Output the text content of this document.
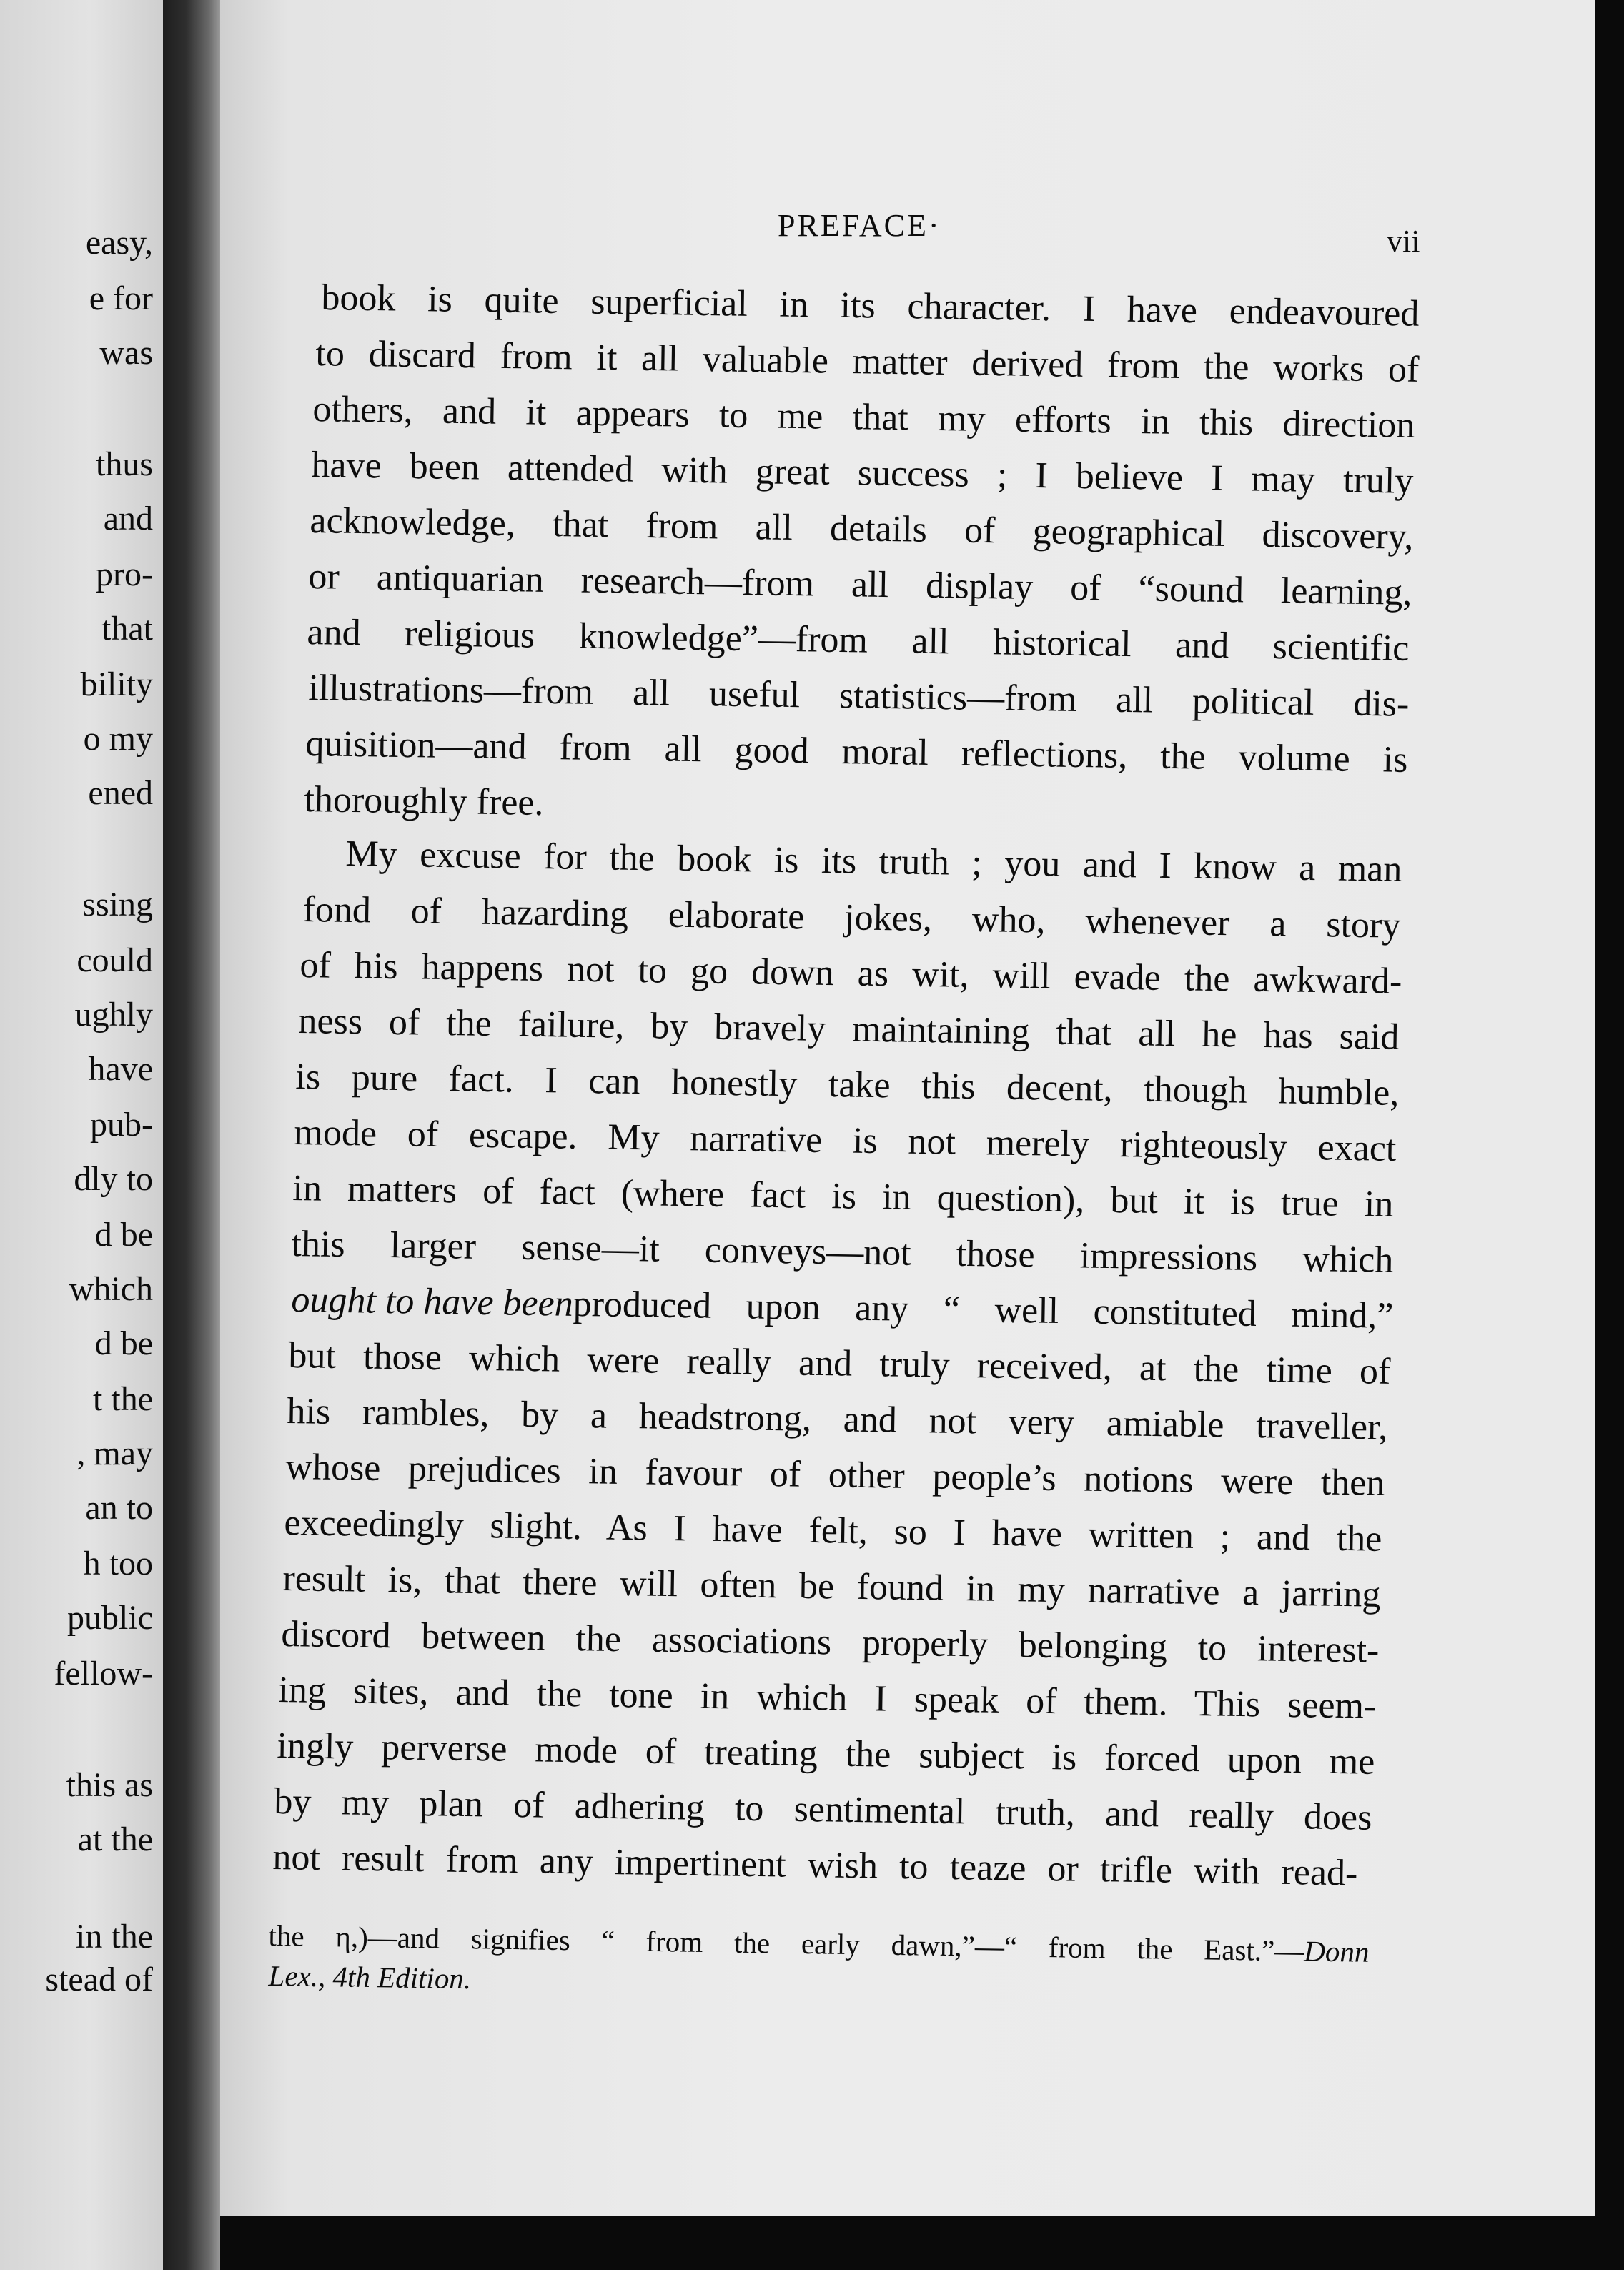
easy,
e for
was
thus
and
pro-
that
bility
o my
ened
ssing
could
ughly
have
pub-
dly to
d be
which
d be
t the
, may
an to
h too
public
fellow-
this as
at the
in the
stead of
PREFACE·	vii
book is quite superficial in its character. I have endeavoured
to discard from it all valuable matter derived from the works of
others, and it appears to me that my efforts in this direction
have been attended with great success ; I believe I may truly
acknowledge, that from all details of geographical discovery,
or antiquarian research—from all display of “sound learning,
and religious knowledge”—from all historical and scientific
illustrations—from all useful statistics—from all political dis-
quisition—and from all good moral reflections, the volume is
thoroughly free.
My excuse for the book is its truth ; you and I know a man
fond of hazarding elaborate jokes, who, whenever a story
of his happens not to go down as wit, will evade the awkward-
ness of the failure, by bravely maintaining that all he has said
is pure fact. I can honestly take this decent, though humble,
mode of escape. My narrative is not merely righteously exact
in matters of fact (where fact is in question), but it is true in
this larger sense—it conveys—not those impressions which
ought to have been produced upon any “ well constituted mind,”
but those which were really and truly received, at the time of
his rambles, by a headstrong, and not very amiable traveller,
whose prejudices in favour of other people’s notions were then
exceedingly slight. As I have felt, so I have written ; and the
result is, that there will often be found in my narrative a jarring
discord between the associations properly belonging to interest-
ing sites, and the tone in which I speak of them. This seem-
ingly perverse mode of treating the subject is forced upon me
by my plan of adhering to sentimental truth, and really does
not result from any impertinent wish to teaze or trifle with read-
the η,)—and signifies “ from the early dawn,”—“ from the East.”— Donn
Lex., 4th Edition.
